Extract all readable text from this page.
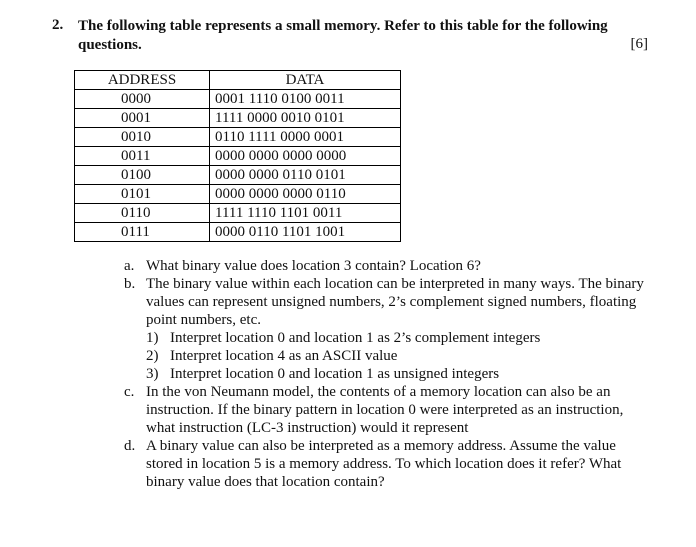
2. The following table represents a small memory. Refer to this table for the following questions.	[6]
ADDRESS	DATA
0000	0001 1110 0100 0011
0001	1111 0000 0010 0101
0010	0110 1111 0000 0001
0011	0000 0000 0000 0000
0100	0000 0000 0110 0101
0101	0000 0000 0000 0110
0110	1111 1110 1101 0011
0111	0000 0110 1101 1001
a. What binary value does location 3 contain? Location 6?
b. The binary value within each location can be interpreted in many ways. The binary values can represent unsigned numbers, 2’s complement signed numbers, floating point numbers, etc.
1) Interpret location 0 and location 1 as 2’s complement integers
2) Interpret location 4 as an ASCII value
3) Interpret location 0 and location 1 as unsigned integers
c. In the von Neumann model, the contents of a memory location can also be an instruction. If the binary pattern in location 0 were interpreted as an instruction, what instruction (LC-3 instruction) would it represent
d. A binary value can also be interpreted as a memory address. Assume the value stored in location 5 is a memory address. To which location does it refer? What binary value does that location contain?
